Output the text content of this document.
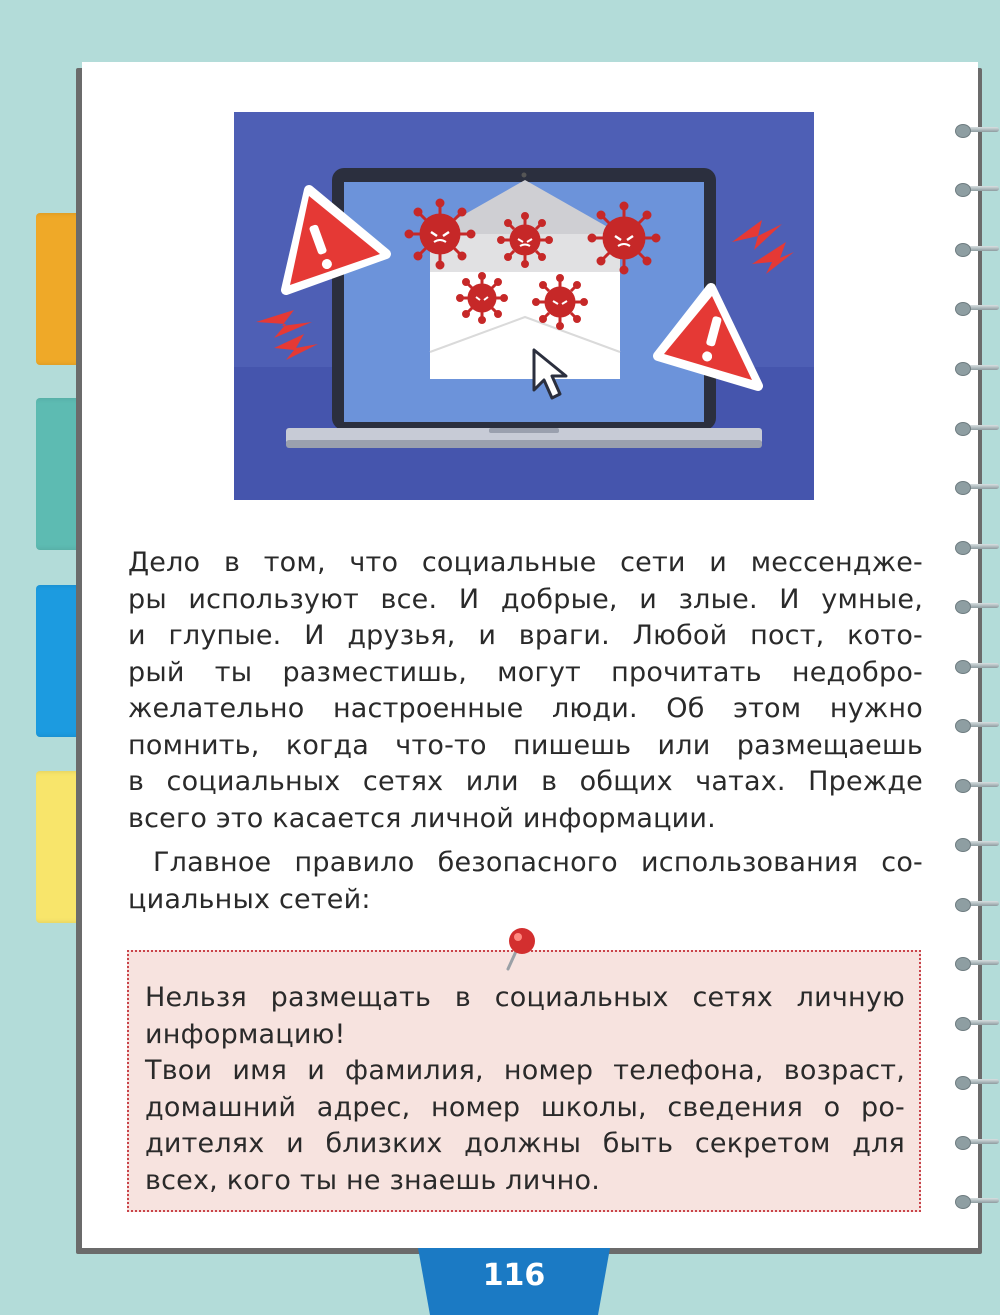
Дело в том, что социальные сети и мессендже-
ры используют все. И добрые, и злые. И умные,
и глупые. И друзья, и враги. Любой пост, кото-
рый ты разместишь, могут прочитать недобро-
желательно настроенные люди. Об этом нужно
помнить, когда что-то пишешь или размещаешь
в социальных сетях или в общих чатах. Прежде
всего это касается личной информации.

Главное правило безопасного использования со-
циальных сетей:

Нельзя размещать в социальных сетях личную
информацию!
Твои имя и фамилия, номер телефона, возраст,
домашний адрес, номер школы, сведения о ро-
дителях и близких должны быть секретом для
всех, кого ты не знаешь лично.

116
